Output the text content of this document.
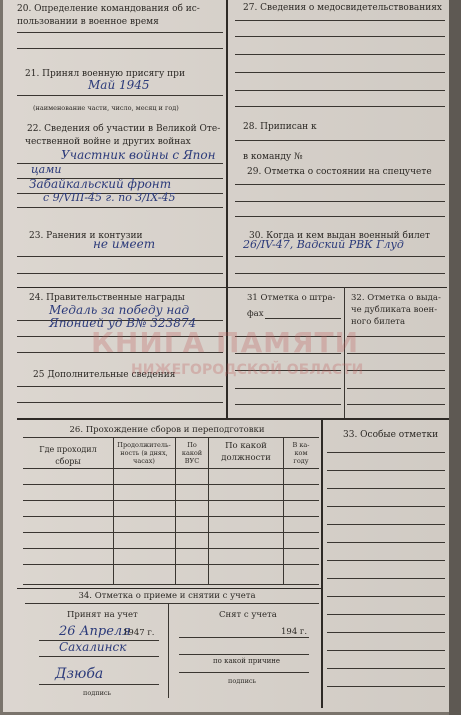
20. Определение командования об ис-
пользовании в военное время
21. Принял военную присягу при
Май 1945
(наименование части, число, месяц и год)
22. Сведения об участии в Великой Оте-
чественной войне и других войнах
Участник войны с Япон
цами
Забайкальский фронт
с 9/VIII-45 г. по 3/IX-45
23. Ранения и контузии
не имеет
24. Правительственные награды
Медаль за победу над
Японией уд В№ 323874
25 Дополнительные сведения
27. Сведения о медосвидетельствованиях
28. Приписан к
в команду №
29. Отметка о состоянии на спецучете
30. Когда и кем выдан военный билет
26/IV-47, Вадский РВК Глуд
31 Отметка о штра-
фах
32. Отметка о выда-
че дубликата воен-
ного билета
26. Прохождение сборов и переподготовки
Где проходил
сборы
Продолжитель-
ность (в днях,
часах)
По
какой
ВУС
По какой
должности
В ка-
ком
году
33. Особые отметки
34. Отметка о приеме и снятии с учета
Принят на учет
26 Апреля
1947 г.
Сахалинск
Дзюба
подпись
Снят с учета
194 г.
по какой причине
подпись
КНИГА ПАМЯТИ
НИЖЕГОРОДСКОЙ ОБЛАСТИ
